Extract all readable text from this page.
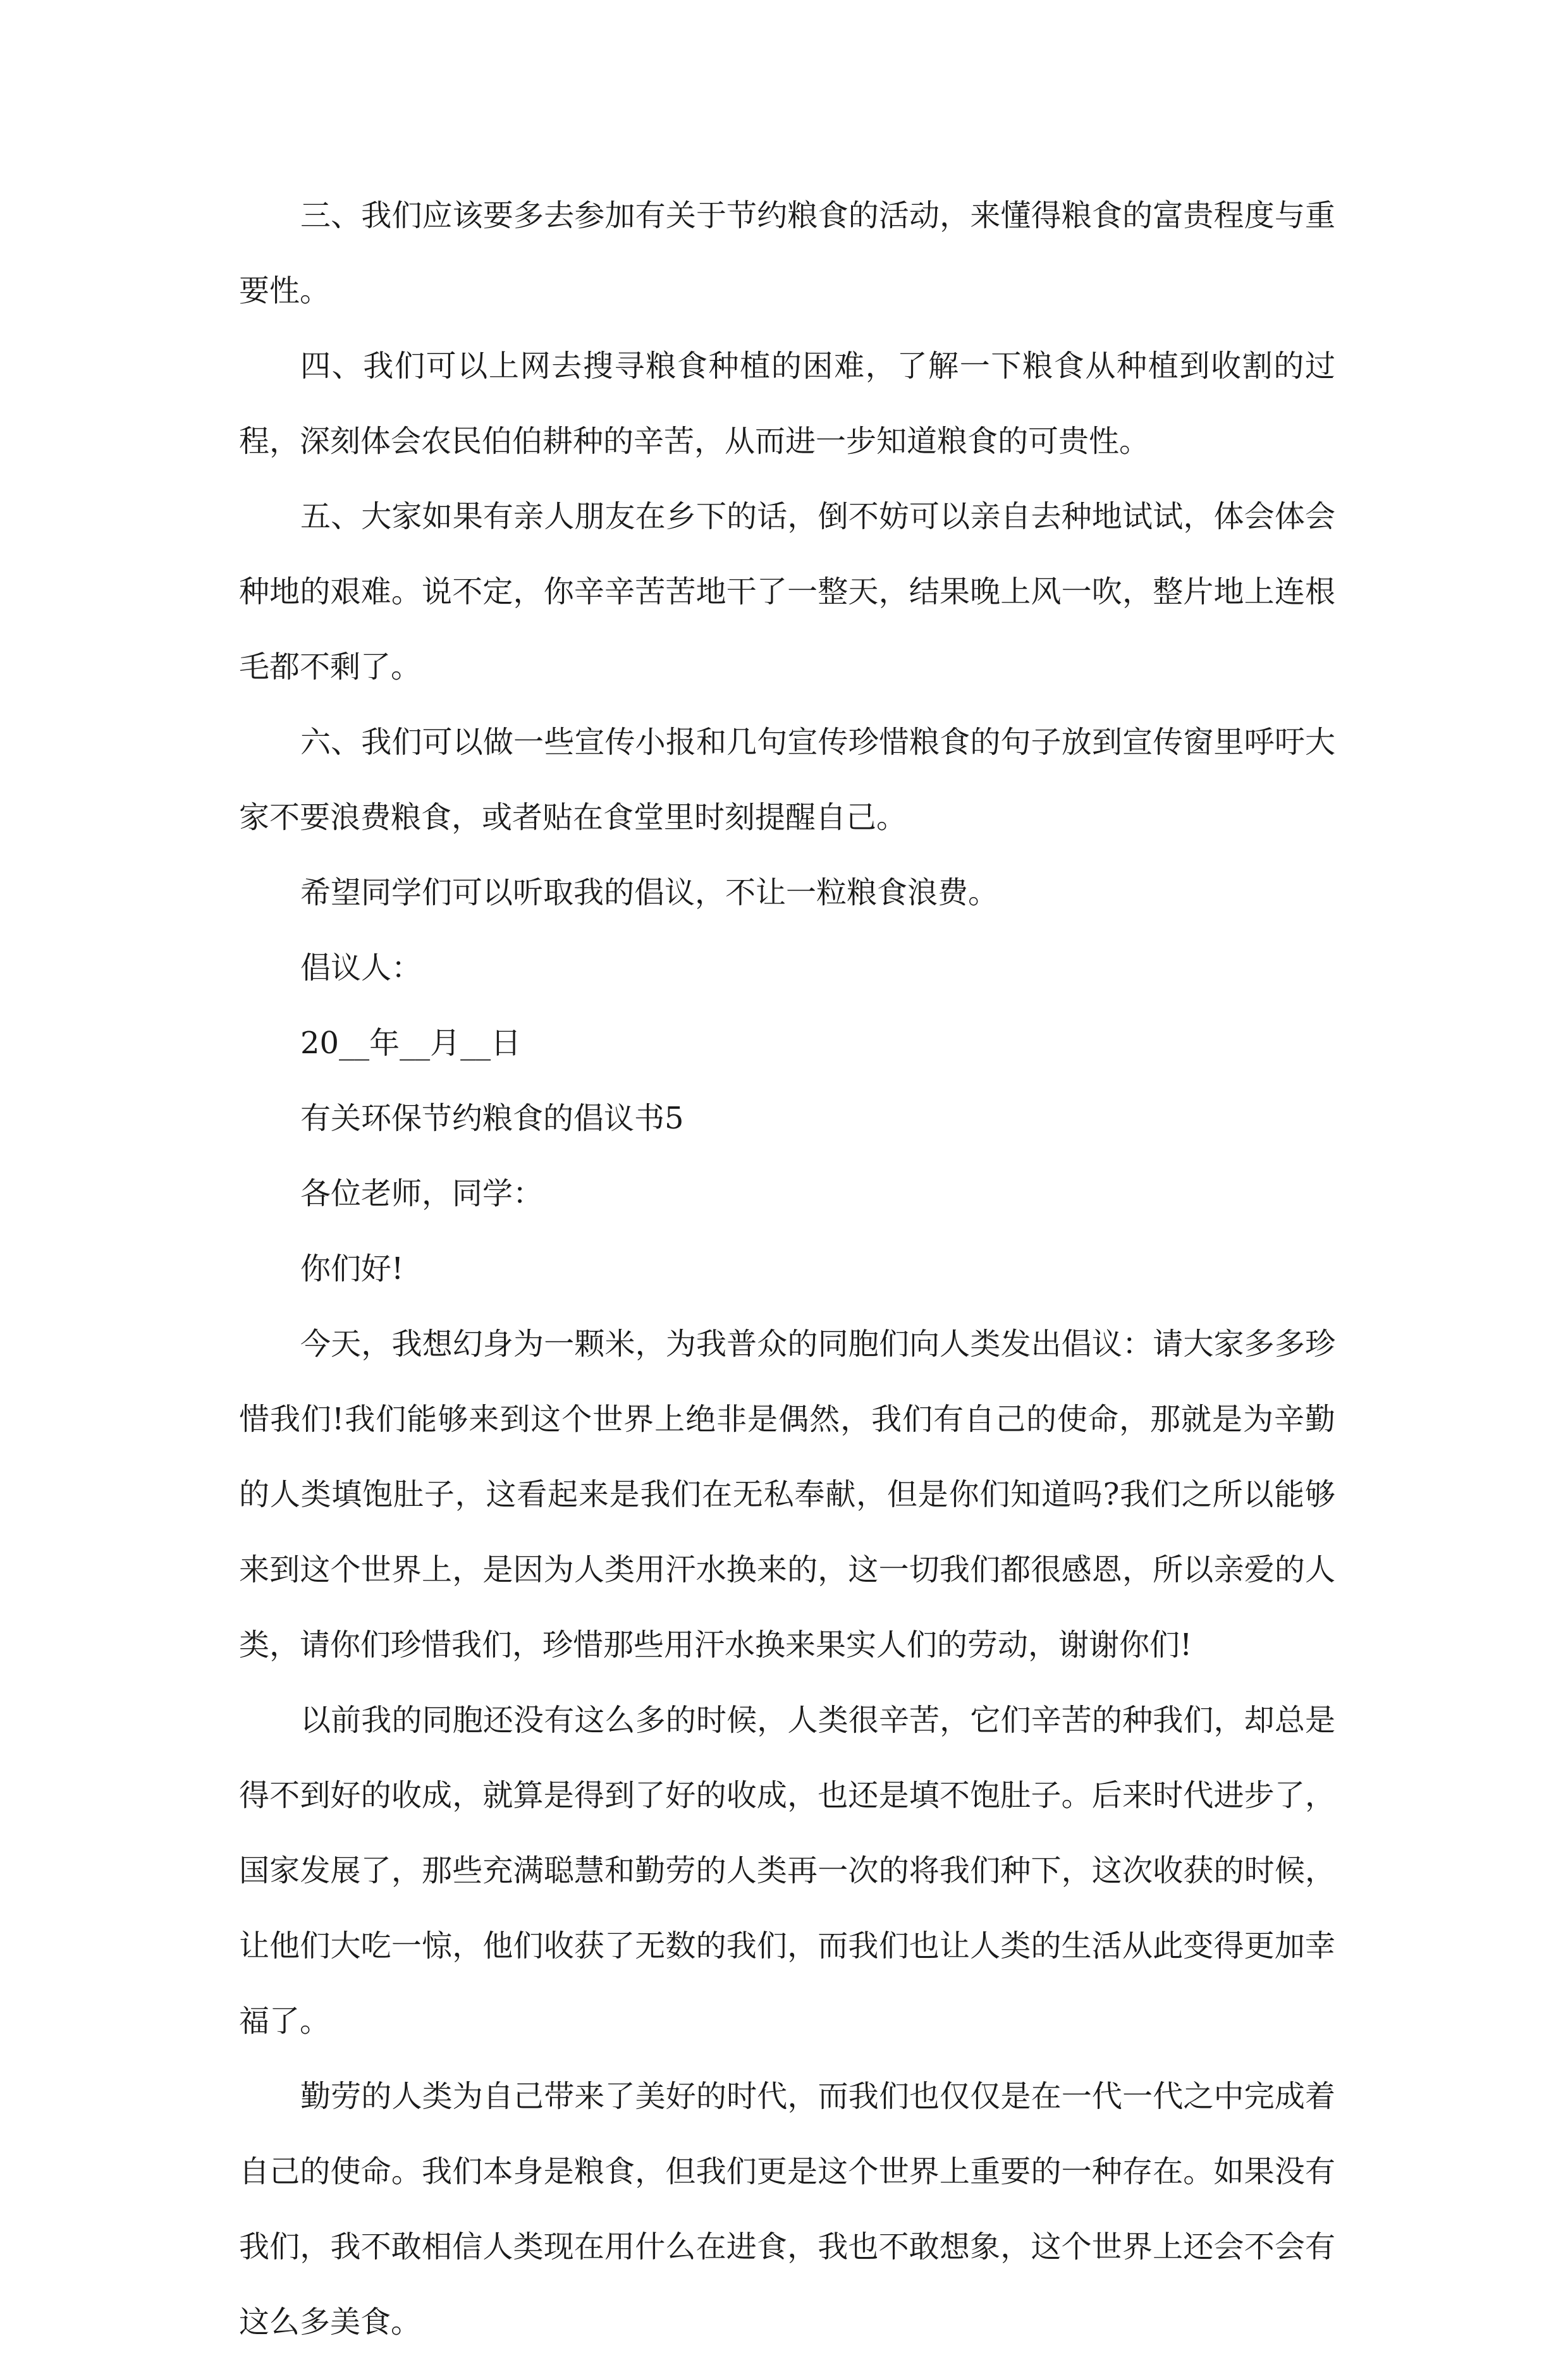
三、我们应该要多去参加有关于节约粮食的活动，来懂得粮食的富贵程度与重要性。

四、我们可以上网去搜寻粮食种植的困难，了解一下粮食从种植到收割的过程，深刻体会农民伯伯耕种的辛苦，从而进一步知道粮食的可贵性。

五、大家如果有亲人朋友在乡下的话，倒不妨可以亲自去种地试试，体会体会种地的艰难。说不定，你辛辛苦苦地干了一整天，结果晚上风一吹，整片地上连根毛都不剩了。

六、我们可以做一些宣传小报和几句宣传珍惜粮食的句子放到宣传窗里呼吁大家不要浪费粮食，或者贴在食堂里时刻提醒自己。

希望同学们可以听取我的倡议，不让一粒粮食浪费。

倡议人：

20__年__月__日

有关环保节约粮食的倡议书5

各位老师，同学：

你们好!

今天，我想幻身为一颗米，为我普众的同胞们向人类发出倡议：请大家多多珍惜我们!我们能够来到这个世界上绝非是偶然，我们有自己的使命，那就是为辛勤的人类填饱肚子，这看起来是我们在无私奉献，但是你们知道吗?我们之所以能够来到这个世界上，是因为人类用汗水换来的，这一切我们都很感恩，所以亲爱的人类，请你们珍惜我们，珍惜那些用汗水换来果实人们的劳动，谢谢你们!

以前我的同胞还没有这么多的时候，人类很辛苦，它们辛苦的种我们，却总是得不到好的收成，就算是得到了好的收成，也还是填不饱肚子。后来时代进步了，国家发展了，那些充满聪慧和勤劳的人类再一次的将我们种下，这次收获的时候，让他们大吃一惊，他们收获了无数的我们，而我们也让人类的生活从此变得更加幸福了。

勤劳的人类为自己带来了美好的时代，而我们也仅仅是在一代一代之中完成着自己的使命。我们本身是粮食，但我们更是这个世界上重要的一种存在。如果没有我们，我不敢相信人类现在用什么在进食，我也不敢想象，这个世界上还会不会有这么多美食。
